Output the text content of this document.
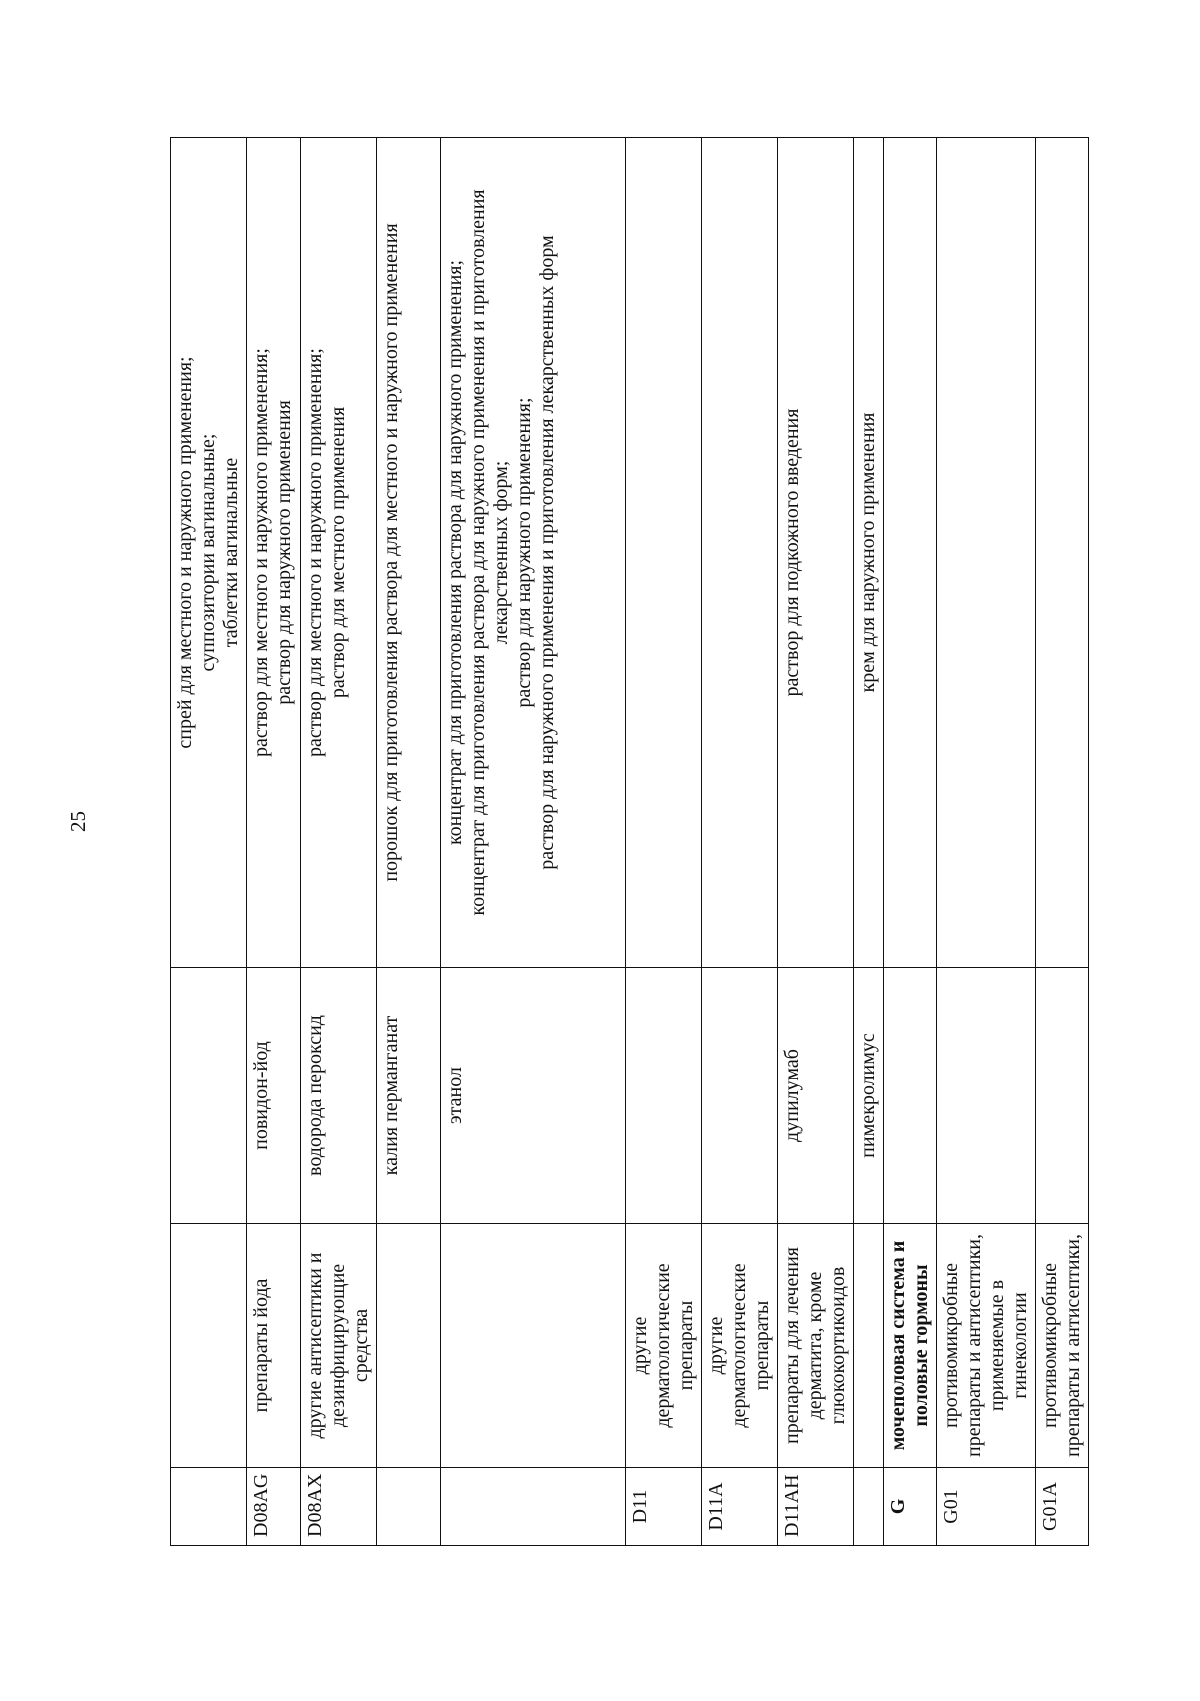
25

			спрей для местного и наружного применения; суппозитории вагинальные; таблетки вагинальные

D08AG	препараты йода	повидон-йод	раствор для местного и наружного применения; раствор для наружного применения

D08AX	другие антисептики и дезинфицирующие средства	водорода пероксид	раствор для местного и наружного применения; раствор для местного применения

		калия перманганат	порошок для приготовления раствора для местного и наружного применения

		этанол	концентрат для приготовления раствора для наружного применения; концентрат для приготовления раствора для наружного применения и приготовления лекарственных форм; раствор для наружного применения; раствор для наружного применения и приготовления лекарственных форм

D11	другие дерматологические препараты		
D11A	другие дерматологические препараты		
D11AH	препараты для лечения дерматита, кроме глюкокортикоидов	дупилумаб	раствор для подкожного введения

		пимекролимус	крем для наружного применения

G	мочеполовая система и половые гормоны		
G01	противомикробные препараты и антисептики, применяемые в гинекологии		
G01A	противомикробные препараты и антисептики,		
